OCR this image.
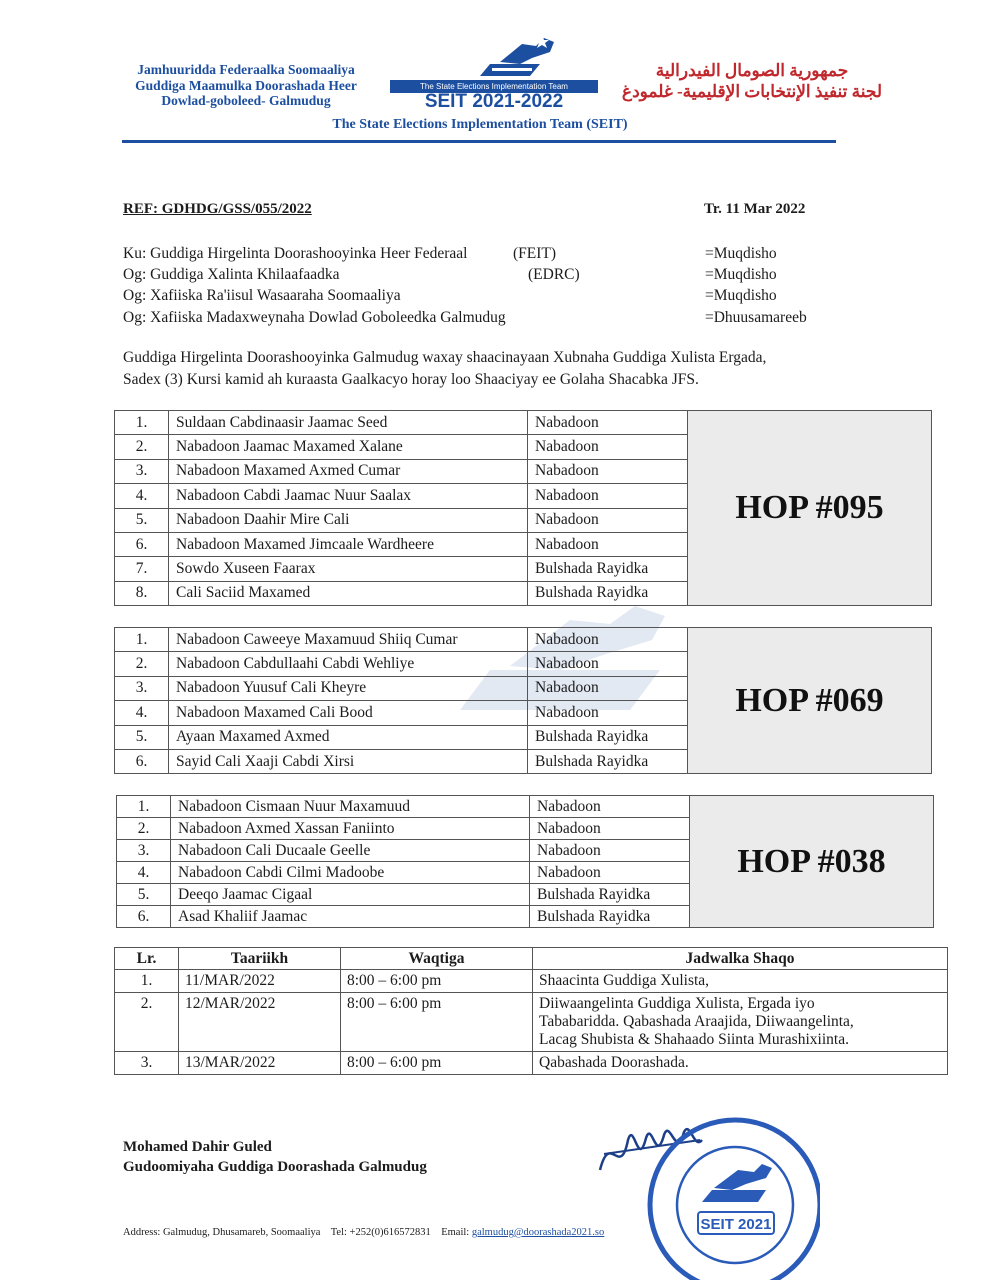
Jamhuuridda Federaalka Soomaaliya
Guddiga Maamulka Doorashada Heer
Dowlad-goboleed- Galmudug
The State Elections Implementation Team
SEIT 2021-2022
جمهورية الصومال الفيدرالية
لجنة تنفيذ الإنتخابات الإقليمية- غلمودغ
The State Elections Implementation Team (SEIT)
REF: GDHDG/GSS/055/2022	Tr. 11 Mar 2022
Ku: Guddiga Hirgelinta Doorashooyinka Heer Federaal	(FEIT)	=Muqdisho
Og: Guddiga Xalinta Khilaafaadka	(EDRC)	=Muqdisho
Og: Xafiiska Ra'iisul Wasaaraha Soomaaliya	=Muqdisho
Og: Xafiiska Madaxweynaha Dowlad Goboleedka Galmudug	=Dhuusamareeb
Guddiga Hirgelinta Doorashooyinka Galmudug waxay shaacinayaan Xubnaha Guddiga Xulista Ergada,
Sadex (3) Kursi kamid ah kuraasta Gaalkacyo horay loo Shaaciyay ee Golaha Shacabka JFS.
1.	Suldaan Cabdinaasir Jaamac Seed	Nabadoon	HOP #095
2.	Nabadoon Jaamac Maxamed Xalane	Nabadoon	
3.	Nabadoon Maxamed Axmed Cumar	Nabadoon	
4.	Nabadoon Cabdi Jaamac Nuur Saalax	Nabadoon	
5.	Nabadoon Daahir Mire Cali	Nabadoon	
6.	Nabadoon Maxamed Jimcaale Wardheere	Nabadoon	
7.	Sowdo Xuseen Faarax	Bulshada Rayidka	
8.	Cali Saciid Maxamed	Bulshada Rayidka	
1.	Nabadoon Caweeye Maxamuud Shiiq Cumar	Nabadoon	HOP #069
2.	Nabadoon Cabdullaahi Cabdi Wehliye	Nabadoon	
3.	Nabadoon Yuusuf Cali Kheyre	Nabadoon	
4.	Nabadoon Maxamed Cali Bood	Nabadoon	
5.	Ayaan Maxamed Axmed	Bulshada Rayidka	
6.	Sayid Cali Xaaji Cabdi Xirsi	Bulshada Rayidka	
1.	Nabadoon Cismaan Nuur Maxamuud	Nabadoon	HOP #038
2.	Nabadoon Axmed Xassan Faniinto	Nabadoon	
3.	Nabadoon Cali Ducaale Geelle	Nabadoon	
4.	Nabadoon Cabdi Cilmi Madoobe	Nabadoon	
5.	Deeqo Jaamac Cigaal	Bulshada Rayidka	
6.	Asad Khaliif Jaamac	Bulshada Rayidka	
Lr.	Taariikh	Waqtiga	Jadwalka Shaqo
1.	11/MAR/2022	8:00 – 6:00 pm	Shaacinta Guddiga Xulista,

2.	12/MAR/2022	8:00 – 6:00 pm	Diiwaangelinta Guddiga Xulista, Ergada iyo
Tababaridda. Qabashada Araajida, Diiwaangelinta,
Lacag Shubista & Shahaado Siinta Murashixiinta.

3.	13/MAR/2022	8:00 – 6:00 pm	Qabashada Doorashada.
Mohamed Dahir Guled
Gudoomiyaha Guddiga Doorashada Galmudug
SEIT 2021
Address: Galmudug, Dhusamareb, Soomaaliya Tel: +252(0)616572831 Email: galmudug@doorashada2021.so
